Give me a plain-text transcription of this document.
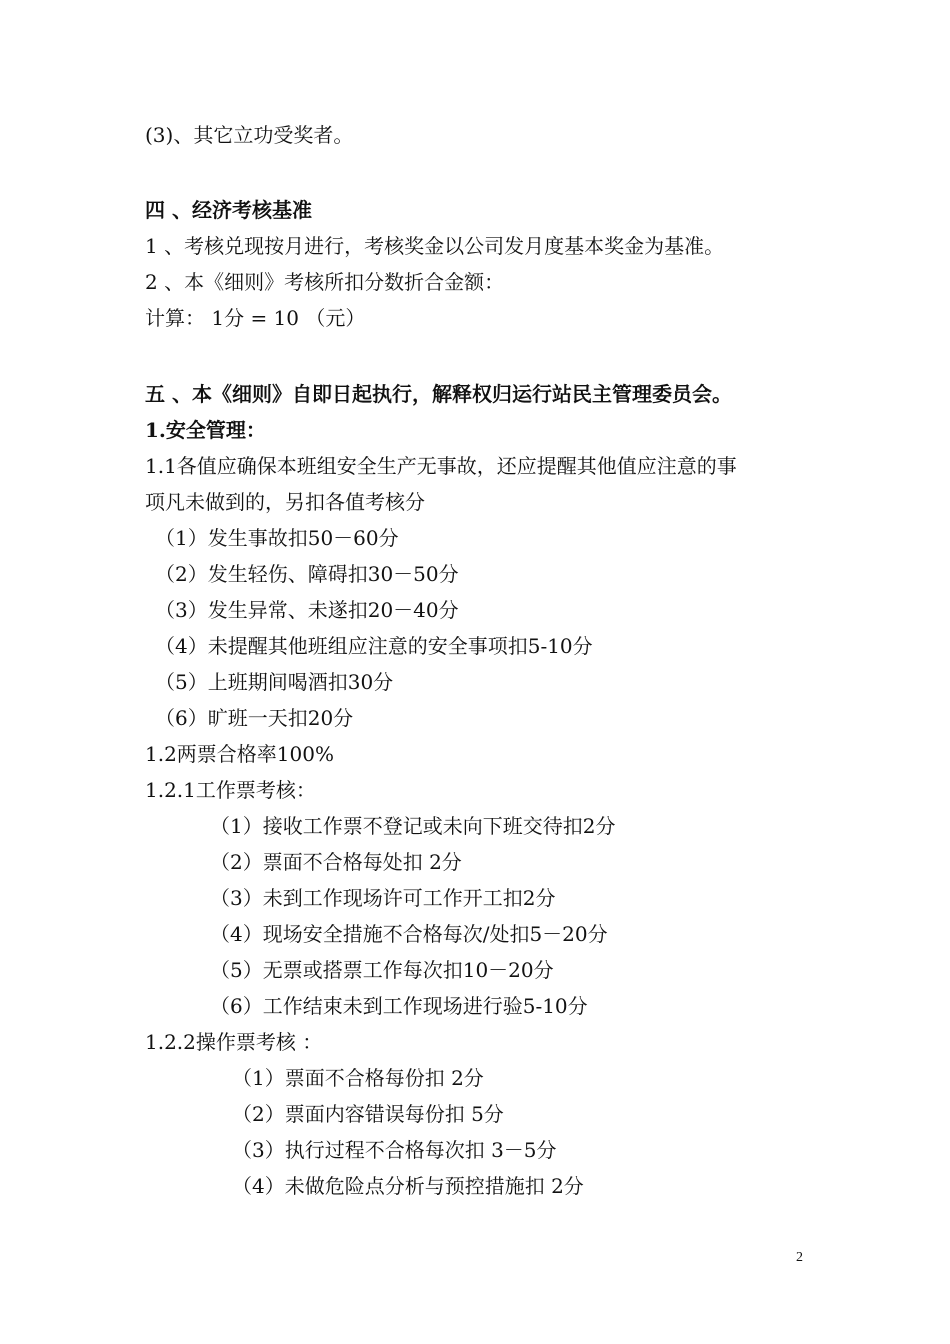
(3)、其它立功受奖者。
四 、经济考核基准
1 、考核兑现按月进行，考核奖金以公司发月度基本奖金为基准。
2 、本《细则》考核所扣分数折合金额：
计算： 1分 = 10 （元）
五 、本《细则》自即日起执行，解释权归运行站民主管理委员会。
1.安全管理：
1.1各值应确保本班组安全生产无事故，还应提醒其他值应注意的事
项凡未做到的，另扣各值考核分
（1）发生事故扣50－60分
（2）发生轻伤、障碍扣30－50分
（3）发生异常、未遂扣20－40分
（4）未提醒其他班组应注意的安全事项扣5-10分
（5）上班期间喝酒扣30分
（6）旷班一天扣20分
1.2两票合格率100%
1.2.1工作票考核：
（1）接收工作票不登记或未向下班交待扣2分
（2）票面不合格每处扣 2分
（3）未到工作现场许可工作开工扣2分
（4）现场安全措施不合格每次/处扣5－20分
（5）无票或搭票工作每次扣10－20分
（6）工作结束未到工作现场进行验5-10分
1.2.2操作票考核 ：
（1）票面不合格每份扣 2分
（2）票面内容错误每份扣 5分
（3）执行过程不合格每次扣 3－5分
（4）未做危险点分析与预控措施扣 2分
2
